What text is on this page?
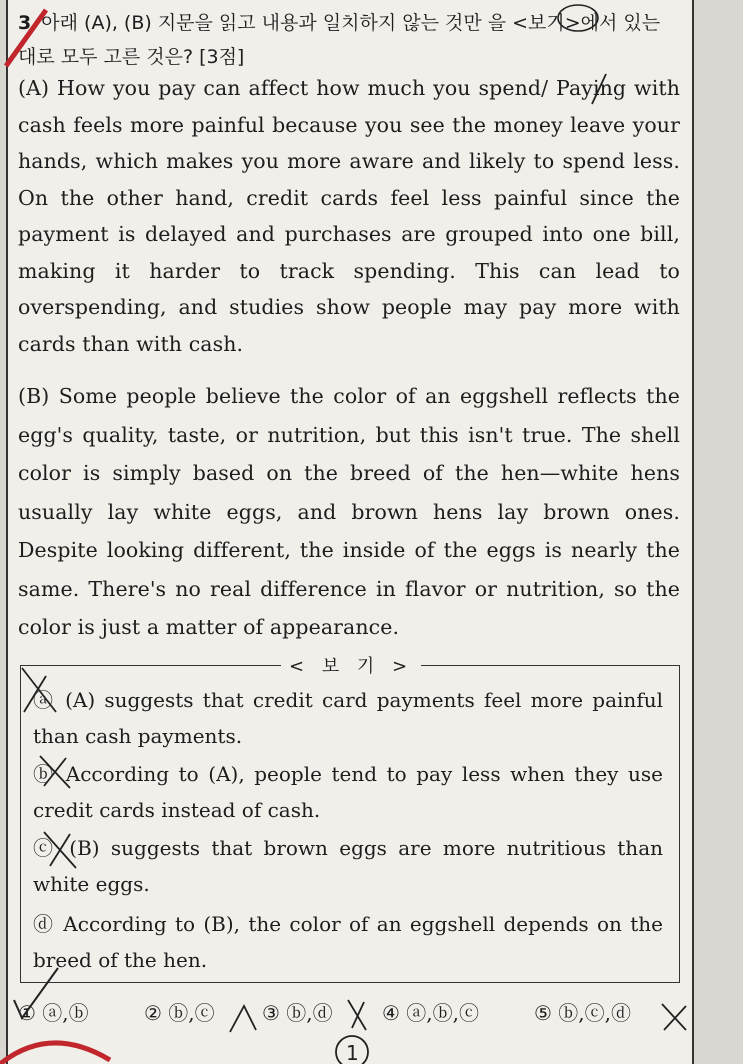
3 아래 (A), (B) 지문을 읽고 내용과 일치하지 않는 것만 을 <보기>에서 있는 대로 모두 고른 것은? [3점]
(A) How you pay can affect how much you spend/ Paying with cash feels more painful because you see the money leave your hands, which makes you more aware and likely to spend less. On the other hand, credit cards feel less painful since the payment is delayed and purchases are grouped into one bill, making it harder to track spending. This can lead to overspending, and studies show people may pay more with cards than with cash.
(B) Some people believe the color of an eggshell reflects the egg's quality, taste, or nutrition, but this isn't true. The shell color is simply based on the breed of the hen—white hens usually lay white eggs, and brown hens lay brown ones. Despite looking different, the inside of the eggs is nearly the same. There's no real difference in flavor or nutrition, so the color is just a matter of appearance.
< 보 기 >
ⓐ (A) suggests that credit card payments feel more painful than cash payments.
ⓑ According to (A), people tend to pay less when they use credit cards instead of cash.
ⓒ (B) suggests that brown eggs are more nutritious than white eggs.
ⓓ According to (B), the color of an eggshell depends on the breed of the hen.
① ⓐ,ⓑ	② ⓑ,ⓒ ③ ⓑ,ⓓ ④ ⓐ,ⓑ,ⓒ	⑤ ⓑ,ⓒ,ⓓ
1
